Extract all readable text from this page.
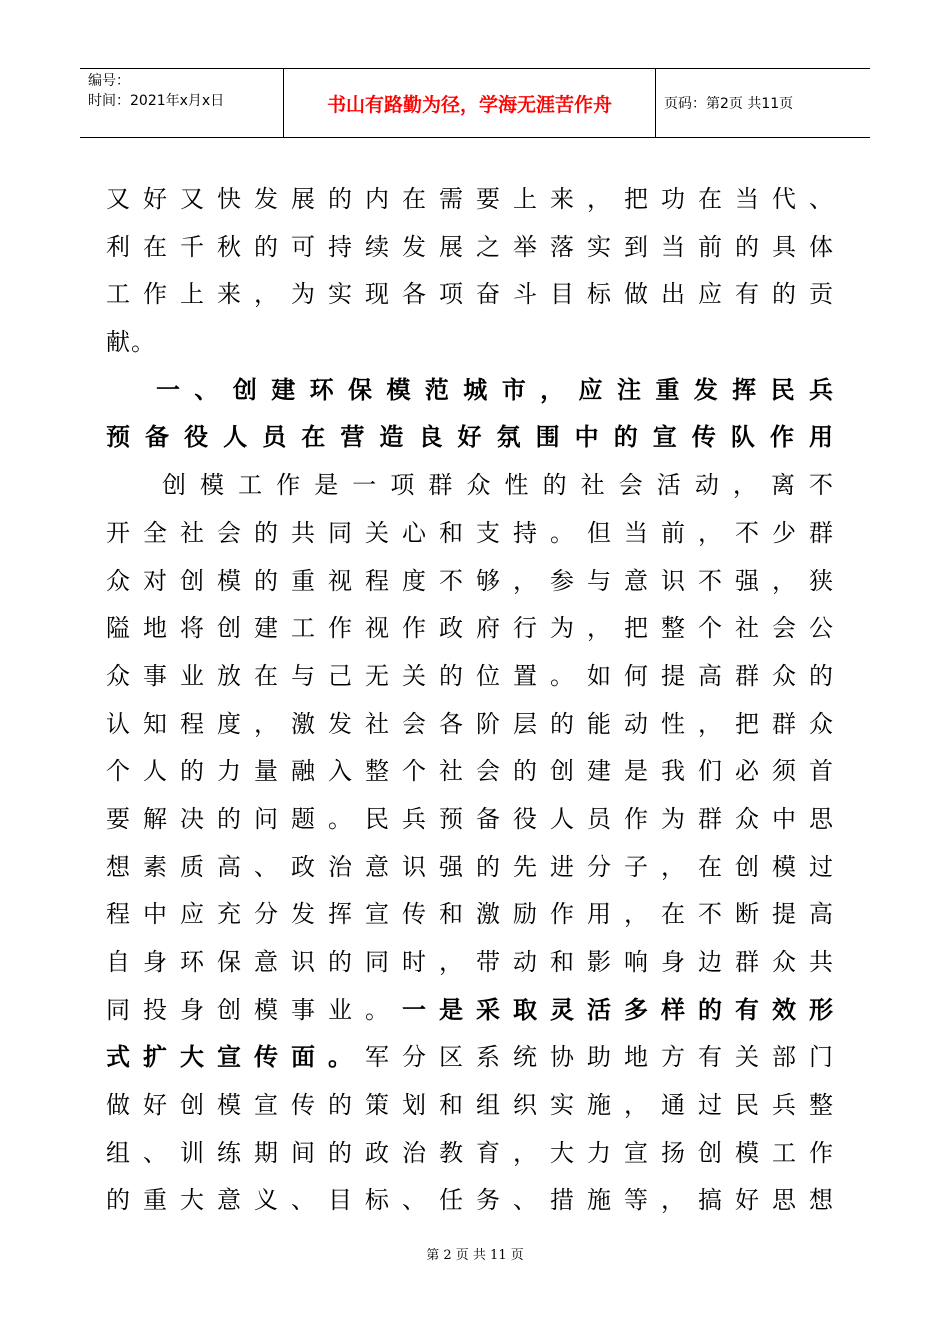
编号：
时间：2021年x月x日	书山有路勤为径，学海无涯苦作舟	页码：第2页 共11页
又好又快发展的内在需要上来，把功在当代、
利在千秋的可持续发展之举落实到当前的具体
工作上来，为实现各项奋斗目标做出应有的贡
献。
一、创建环保模范城市，应注重发挥民兵
预备役人员在营造良好氛围中的宣传队作用
创模工作是一项群众性的社会活动，离不
开全社会的共同关心和支持。但当前，不少群
众对创模的重视程度不够，参与意识不强，狭
隘地将创建工作视作政府行为，把整个社会公
众事业放在与己无关的位置。如何提高群众的
认知程度，激发社会各阶层的能动性，把群众
个人的力量融入整个社会的创建是我们必须首
要解决的问题。民兵预备役人员作为群众中思
想素质高、政治意识强的先进分子，在创模过
程中应充分发挥宣传和激励作用，在不断提高
自身环保意识的同时，带动和影响身边群众共
同投身创模事业。一是采取灵活多样的有效形
式扩大宣传面。军分区系统协助地方有关部门
做好创模宣传的策划和组织实施，通过民兵整
组、训练期间的政治教育，大力宣扬创模工作
的重大意义、目标、任务、措施等，搞好思想
第 2 页 共 11 页
